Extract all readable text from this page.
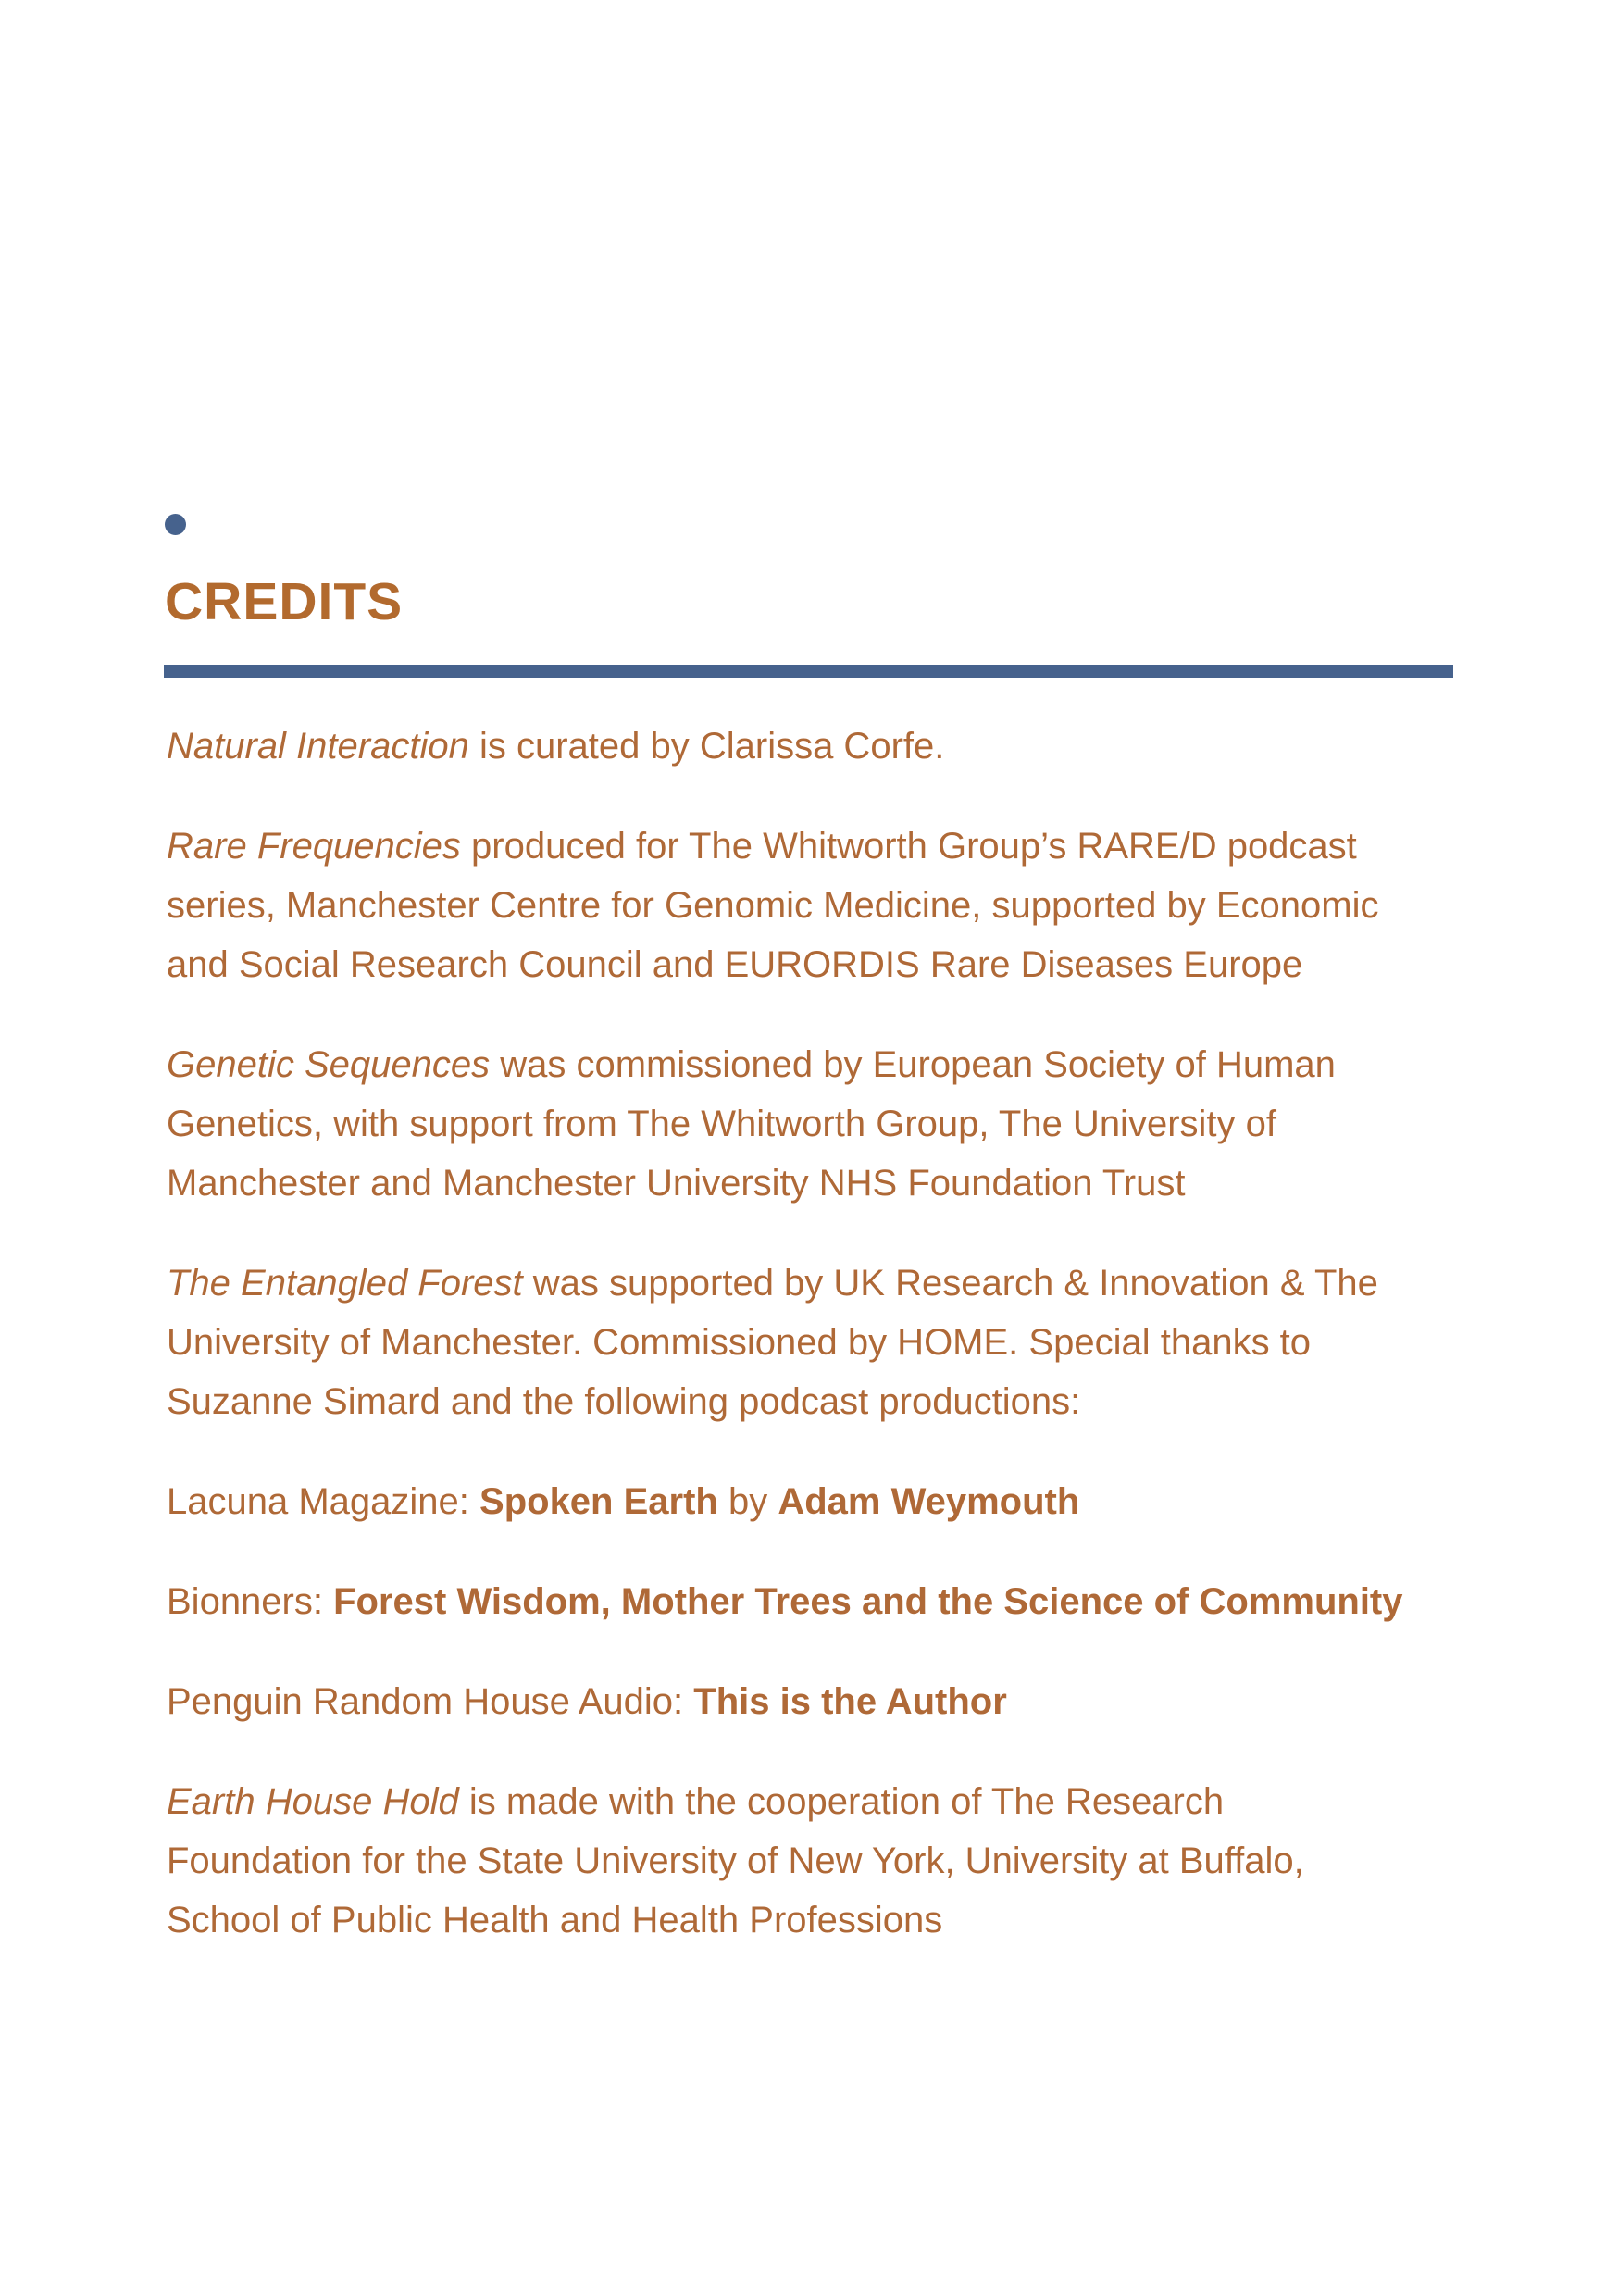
CREDITS

Natural Interaction is curated by Clarissa Corfe.

Rare Frequencies produced for The Whitworth Group’s RARE/D podcast
series, Manchester Centre for Genomic Medicine, supported by Economic
and Social Research Council and EURORDIS Rare Diseases Europe

Genetic Sequences was commissioned by European Society of Human
Genetics, with support from The Whitworth Group, The University of
Manchester and Manchester University NHS Foundation Trust

The Entangled Forest was supported by UK Research & Innovation & The
University of Manchester. Commissioned by HOME. Special thanks to
Suzanne Simard and the following podcast productions:

Lacuna Magazine: Spoken Earth by Adam Weymouth

Bionners: Forest Wisdom, Mother Trees and the Science of Community

Penguin Random House Audio: This is the Author

Earth House Hold is made with the cooperation of The Research
Foundation for the State University of New York, University at Buffalo,
School of Public Health and Health Professions
